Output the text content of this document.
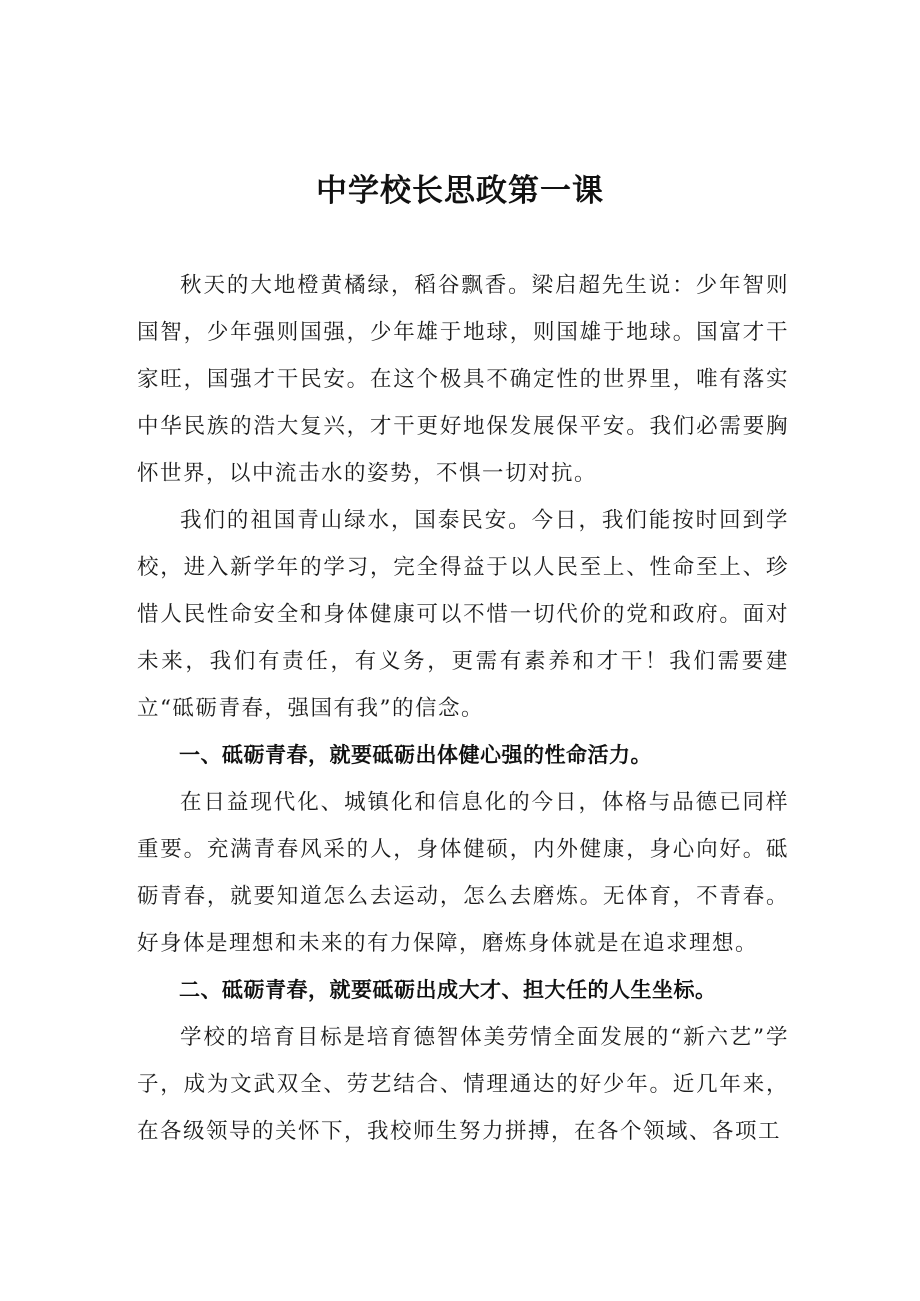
中学校长思政第一课

秋天的大地橙黄橘绿，稻谷飘香。梁启超先生说：少年智则国智，少年强则国强，少年雄于地球，则国雄于地球。国富才干家旺，国强才干民安。在这个极具不确定性的世界里，唯有落实中华民族的浩大复兴，才干更好地保发展保平安。我们必需要胸怀世界，以中流击水的姿势，不惧一切对抗。

我们的祖国青山绿水，国泰民安。今日，我们能按时回到学校，进入新学年的学习，完全得益于以人民至上、性命至上、珍惜人民性命安全和身体健康可以不惜一切代价的党和政府。面对未来，我们有责任，有义务，更需有素养和才干！我们需要建立“砥砺青春，强国有我”的信念。

一、砥砺青春，就要砥砺出体健心强的性命活力。

在日益现代化、城镇化和信息化的今日，体格与品德已同样重要。充满青春风采的人，身体健硕，内外健康，身心向好。砥砺青春，就要知道怎么去运动，怎么去磨炼。无体育，不青春。好身体是理想和未来的有力保障，磨炼身体就是在追求理想。

二、砥砺青春，就要砥砺出成大才、担大任的人生坐标。

学校的培育目标是培育德智体美劳情全面发展的“新六艺”学子，成为文武双全、劳艺结合、情理通达的好少年。近几年来，在各级领导的关怀下，我校师生努力拼搏，在各个领域、各项工
